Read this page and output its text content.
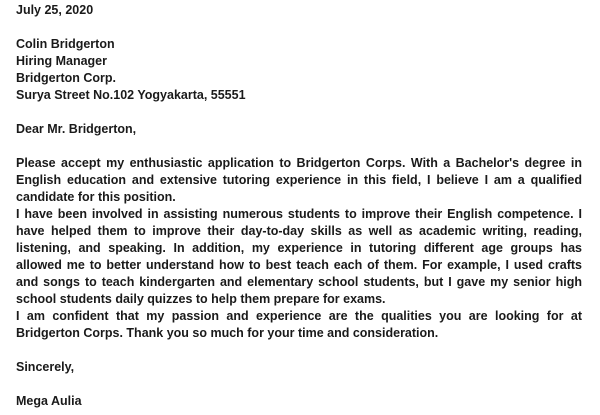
July 25, 2020

Colin Bridgerton

Hiring Manager

Bridgerton Corp.

Surya Street No.102 Yogyakarta, 55551

Dear Mr. Bridgerton,

Please accept my enthusiastic application to Bridgerton Corps. With a Bachelor's degree in English education and extensive tutoring experience in this field, I believe I am a qualified candidate for this position.

I have been involved in assisting numerous students to improve their English competence. I have helped them to improve their day-to-day skills as well as academic writing, reading, listening, and speaking. In addition, my experience in tutoring different age groups has allowed me to better understand how to best teach each of them. For example, I used crafts and songs to teach kindergarten and elementary school students, but I gave my senior high school students daily quizzes to help them prepare for exams.

I am confident that my passion and experience are the qualities you are looking for at Bridgerton Corps. Thank you so much for your time and consideration.

Sincerely,

Mega Aulia
